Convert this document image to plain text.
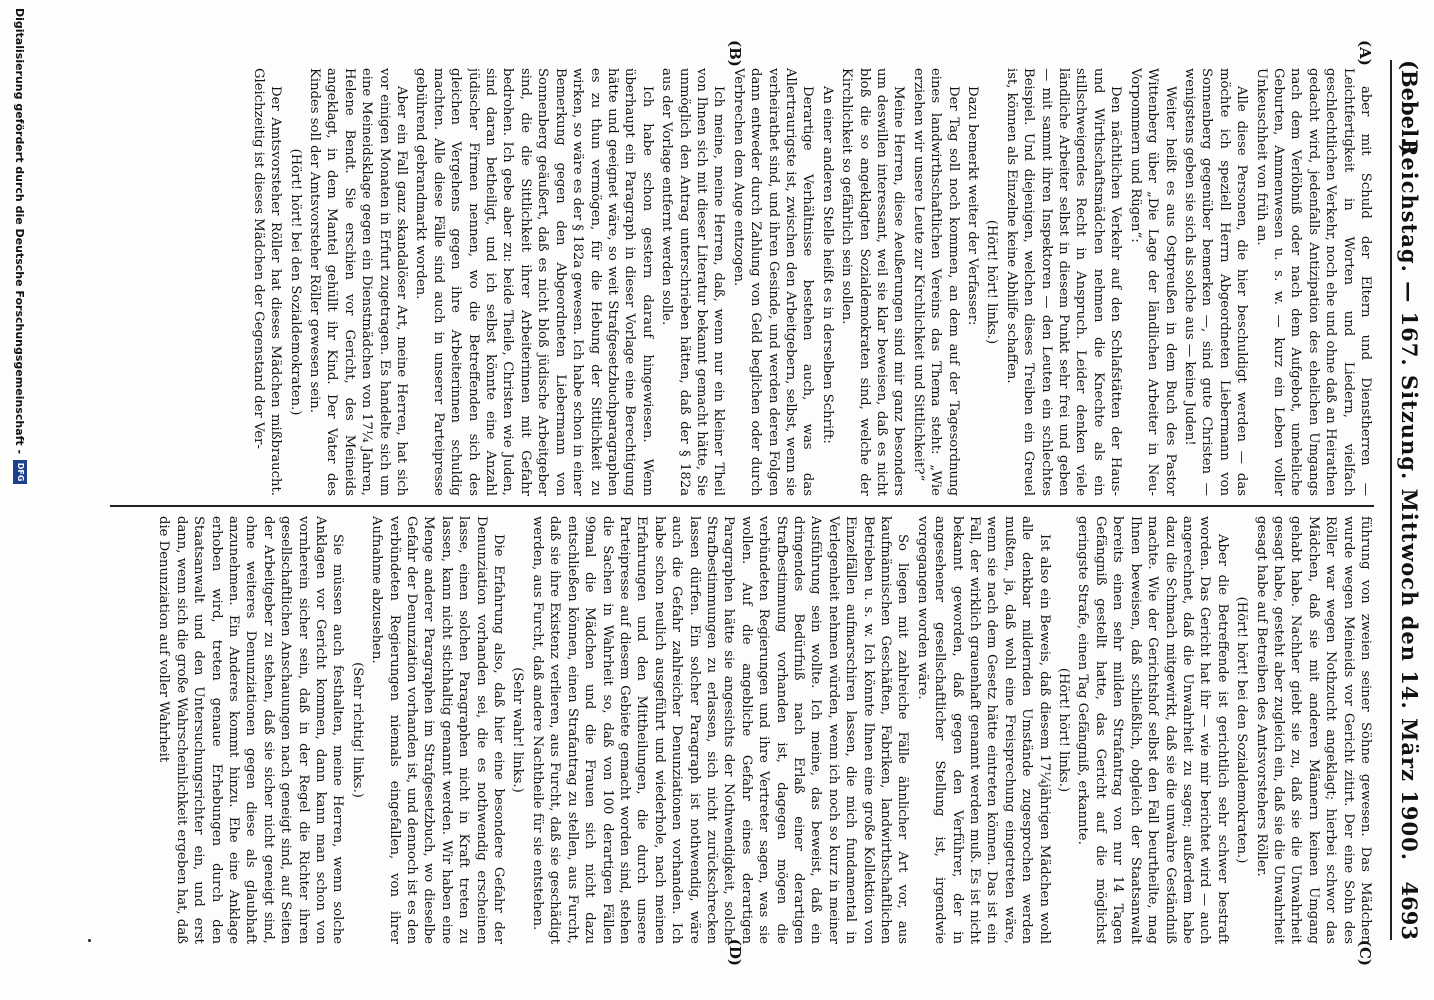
(Bebel.)
Reichstag. — 167. Sitzung. Mittwoch den 14. März 1900.
4693
(A)
(B)
(C)
(D)

aber mit Schuld der Eltern und Dienstherren — Leichtfertigkeit in Worten und Liedern, vielfach geschlechtlichen Verkehr, noch ehe und ohne daß an Heirathen gedacht wird, jedenfalls Antizipation des ehelichen Umgangs nach dem Verlöbniß oder nach dem Aufgebot, uneheliche Geburten, Ammenwesen u. s. w. — kurz ein Leben voller Unkeuschheit von früh an.

Alle diese Personen, die hier beschuldigt werden — das möchte ich speziell Herrn Abgeordneten Liebermann von Sonnenberg gegenüber bemerken —, sind gute Christen — wenigstens geben sie sich als solche aus — keine Juden!

Weiter heißt es aus Ostpreußen in dem Buch des Pastor Wittenberg über „Die Lage der ländlichen Arbeiter in Neu-Vorpommern und Rügen“:

Den nächtlichen Verkehr auf den Schlafstätten der Haus- und Wirthschaftsmädchen nehmen die Knechte als ein stillschweigendes Recht in Anspruch. Leider denken viele ländliche Arbeiter selbst in diesem Punkt sehr frei und geben — mit sammt ihren Inspektoren — den Leuten ein schlechtes Beispiel. Und diejenigen, welchen dieses Treiben ein Greuel ist, können als Einzelne keine Abhilfe schaffen.

(Hört! hört! links.)

Dazu bemerkt weiter der Verfasser:

Der Tag soll noch kommen, an dem auf der Tagesordnung eines landwirthschaftlichen Vereins das Thema steht: „Wie erziehen wir unsere Leute zur Kirchlichkeit und Sittlichkeit?“

Meine Herren, diese Aeußerungen sind mir ganz besonders um deswillen interessant, weil sie klar beweisen, daß es nicht bloß die so angeklagten Sozialdemokraten sind, welche der Kirchlichkeit so gefährlich sein sollen.

An einer anderen Stelle heißt es in derselben Schrift:

Derartige Verhältnisse bestehen auch, was das Allertraurigste ist, zwischen den Arbeitgebern, selbst, wenn sie verheirathet sind, und ihren Gesinde, und werden deren Folgen dann entweder durch Zahlung von Geld beglichen oder durch Verbrechen dem Auge entzogen.

Ich meine, meine Herren, daß, wenn nur ein kleiner Theil von Ihnen sich mit dieser Literatur bekannt gemacht hätte, Sie unmöglich den Antrag unterschrieben hätten, daß der § 182a aus der Vorlage entfernt werden solle.

Ich habe schon gestern darauf hingewiesen. Wenn überhaupt ein Paragraph in dieser Vorlage eine Berechtigung hätte und geeignet wäre, so weit Strafgesetzbuchparagraphen es zu thun vermögen, für die Hebung der Sittlichkeit zu wirken, so wäre es der § 182a gewesen. Ich habe schon in einer Bemerkung gegen den Abgeordneten Liebermann von Sonnenberg geäußert, daß es nicht bloß jüdische Arbeitgeber sind, die die Sittlichkeit ihrer Arbeiterinnen mit Gefahr bedrohen. Ich gebe aber zu: beide Theile, Christen wie Juden, sind daran betheiligt, und ich selbst könnte eine Anzahl jüdischer Firmen nennen, wo die Betreffenden sich des gleichen Vergehens gegen ihre Arbeiterinnen schuldig machten. Alle diese Fälle sind auch in unserer Parteipresse gebührend gebrandmarkt worden.

Aber ein Fall ganz skandalöser Art, meine Herren, hat sich vor einigen Monaten in Erfurt zugetragen. Es handelte sich um eine Meineidsklage gegen ein Dienstmädchen von 17¼ Jahren, Helene Bendt. Sie erschien vor Gericht, des Meineids angeklagt, in dem Mantel gehüllt ihr Kind. Der Vater des Kindes soll der Amtsvorsteher Röller gewesen sein.

(Hört! hört! bei den Sozialdemokraten.)

Der Amtsvorsteher Röller hat dieses Mädchen mißbraucht. Gleichzeitig ist dieses Mädchen der Gegenstand der Ver-

führung von zweien seiner Söhne gewesen. Das Mädchen wurde wegen Meineids vor Gericht zitirt. Der eine Sohn des Röller war wegen Nothzucht angeklagt; hierbei schwor das Mädchen, daß sie mit anderen Männern keinen Umgang gehabt habe. Nachher giebt sie zu, daß sie die Unwahrheit gesagt habe, gesteht aber zugleich ein, daß sie die Unwahrheit gesagt habe auf Betreiben des Amtsvorstehers Röller.

(Hört! hört! bei den Sozialdemokraten.)

Aber die Betreffende ist gerichtlich sehr schwer bestraft worden. Das Gericht hat ihr — wie mir berichtet wird — auch angerechnet, daß die Unwahrheit zu sagen; außerdem habe dazu die Schmach mitgewirkt, daß sie die unwahre Geständniß machte. Wie der Gerichtshof selbst den Fall beurtheilte, mag Ihnen beweisen, daß schließlich, obgleich der Staatsanwalt bereits einen sehr milden Strafantrag von nur 14 Tagen Gefängniß gestellt hatte, das Gericht auf die möglichst geringste Strafe, einen Tag Gefängniß, erkannte.

(Hört! hört! links.)

Ist also ein Beweis, daß diesem 17¼jährigen Mädchen wohl alle denkbar mildernden Umstände zugesprochen werden mußten, ja, daß wohl eine Freisprechung eingetreten wäre, wenn sie nach dem Gesetz hätte eintreten können. Das ist ein Fall, der wirklich grauenhaft genannt werden muß. Es ist nicht bekannt geworden, daß gegen den Verführer, der in angesehener gesellschaftlicher Stellung ist, irgendwie vorgegangen worden wäre.

So liegen mit zahlreiche Fälle ähnlicher Art vor, aus kaufmännischen Geschäften, Fabriken, landwirthschaftlichen Betrieben u. s. w. Ich könnte Ihnen eine große Kollektion von Einzelfällen aufmarschiren lassen, die mich fundamental in Verlegenheit nehmen würden, wenn ich noch so kurz in meiner Ausführung sein wollte. Ich meine, das beweist, daß ein dringendes Bedürfniß nach Erlaß einer derartigen Strafbestimmung vorhanden ist, dagegen mögen die verbündeten Regierungen und ihre Vertreter sagen, was sie wollen. Auf die angebliche Gefahr eines derartigen Paragraphen hätte sie angesichts der Nothwendigkeit, solche Strafbestimmungen zu erlassen, sich nicht zurückschrecken lassen dürfen. Ein solcher Paragraph ist nothwendig, wäre auch die Gefahr zahlreicher Denunziationen vorhanden. Ich habe schon neulich ausgeführt und wiederhole, nach meinen Erfahrungen und den Mittheilungen, die durch unsere Parteipresse auf diesem Gebiete gemacht worden sind, stehen die Sachen in Wahrheit so, daß von 100 derartigen Fällen 99mal die Mädchen und die Frauen sich nicht dazu entschließen können, einen Strafantrag zu stellen, aus Furcht, daß sie ihre Existenz verlieren, aus Furcht, daß sie geschädigt werden, aus Furcht, daß andere Nachtheile für sie entstehen.

(Sehr wahr! links.)

Die Erfahrung also, daß hier eine besondere Gefahr der Denunziation vorhanden sei, die es nothwendig erscheinen lasse, einen solchen Paragraphen nicht in Kraft treten zu lassen, kann nicht stichhaltig genannt werden. Wir haben eine Menge anderer Paragraphen im Strafgesetzbuch, wo dieselbe Gefahr der Denunziation vorhanden ist, und dennoch ist es den verbündeten Regierungen niemals eingefallen, von ihrer Aufnahme abzusehen.

(Sehr richtig! links.)

Sie müssen auch festhalten, meine Herren, wenn solche Anklagen vor Gericht kommen, dann kann man schon von vornherein sicher sein, daß in der Regel die Richter ihren gesellschaftlichen Anschauungen nach geneigt sind, auf Seiten der Arbeitgeber zu stehen, daß sie sicher nicht geneigt sind, ohne weiteres Denunziationen gegen diese als glaubhaft anzunehmen. Ein Anderes kommt hinzu. Ehe eine Anklage erhoben wird, treten genaue Erhebungen durch den Staatsanwalt und den Untersuchungsrichter ein, und erst dann, wenn sich die große Wahrscheinlichkeit ergeben hat, daß die Denunziation auf voller Wahrheit

Digitalisierung gefördert durch die Deutsche Forschungsgemeinschaft -
DFG
